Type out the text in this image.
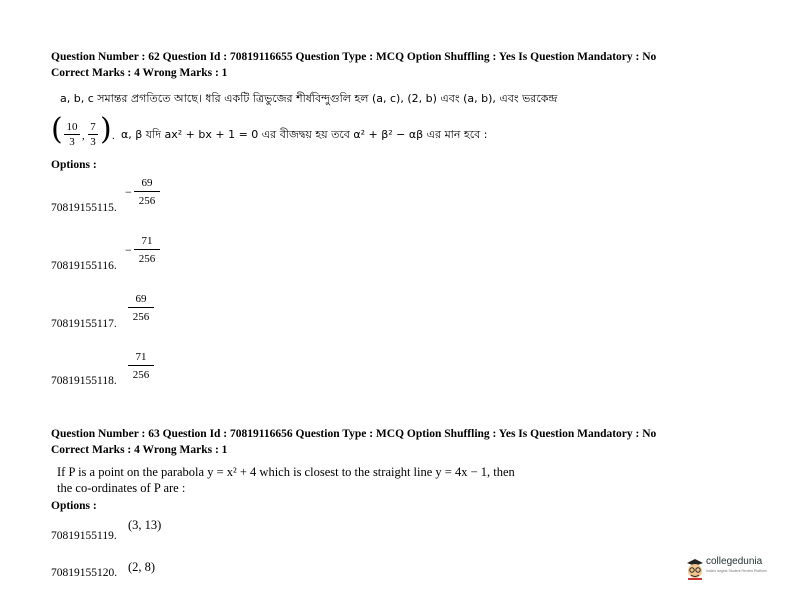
Question Number : 62 Question Id : 70819116655 Question Type : MCQ Option Shuffling : Yes Is Question Mandatory : No
Correct Marks : 4 Wrong Marks : 1
a, b, c সমান্তর প্রগতিতে আছে। ধরি একটি ত্রিভুজের শীর্ষবিন্দুগুলি হল (a, c), (2, b) এবং (a, b), এবং ভরকেন্দ্র
( $\frac{10}{3}$ , $\frac{7}{3}$ ) . α, β যদি ax² + bx + 1 = 0 এর বীজদ্বয় হয় তবে α² + β² − αβ এর মান হবে :
Options :
− $\frac{69}{256}$
70819155115.
− $\frac{71}{256}$
70819155116.
$\frac{69}{256}$
70819155117.
$\frac{71}{256}$
70819155118.
Question Number : 63 Question Id : 70819116656 Question Type : MCQ Option Shuffling : Yes Is Question Mandatory : No
Correct Marks : 4 Wrong Marks : 1
If P is a point on the parabola y = x² + 4 which is closest to the straight line y = 4x − 1, then
the co-ordinates of P are :
Options :
(3, 13)
70819155119.
(2, 8)
70819155120.
collegedunia
India's largest Student Review Platform
